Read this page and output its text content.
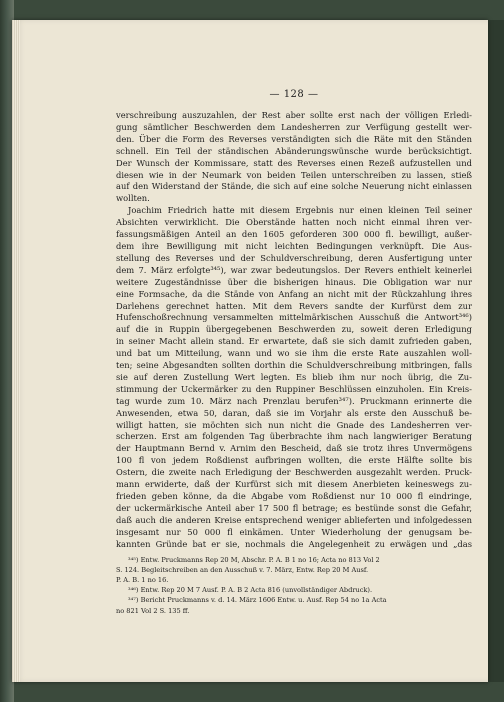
— 128 —
verschreibung auszuzahlen, der Rest aber sollte erst nach der völligen Erledi-
gung sämtlicher Beschwerden dem Landesherren zur Verfügung gestellt wer-
den. Über die Form des Reverses verständigten sich die Räte mit den Ständen
schnell. Ein Teil der ständischen Abänderungswünsche wurde berücksichtigt.
Der Wunsch der Kommissare, statt des Reverses einen Rezeß aufzustellen und
diesen wie in der Neumark von beiden Teilen unterschreiben zu lassen, stieß
auf den Widerstand der Stände, die sich auf eine solche Neuerung nicht einlassen
wollten.
Joachim Friedrich hatte mit diesem Ergebnis nur einen kleinen Teil seiner
Absichten verwirklicht. Die Oberstände hatten noch nicht einmal ihren ver-
fassungsmäßigen Anteil an den 1605 geforderen 300 000 fl. bewilligt, außer-
dem ihre Bewilligung mit nicht leichten Bedingungen verknüpft. Die Aus-
stellung des Reverses und der Schuldverschreibung, deren Ausfertigung unter
dem 7. März erfolgte³⁴⁵), war zwar bedeutungslos. Der Revers enthielt keinerlei
weitere Zugeständnisse über die bisherigen hinaus. Die Obligation war nur
eine Formsache, da die Stände von Anfang an nicht mit der Rückzahlung ihres
Darlehens gerechnet hatten. Mit dem Revers sandte der Kurfürst dem zur
Hufenschoßrechnung versammelten mittelmärkischen Ausschuß die Antwort³⁴⁶)
auf die in Ruppin übergegebenen Beschwerden zu, soweit deren Erledigung
in seiner Macht allein stand. Er erwartete, daß sie sich damit zufrieden gaben,
und bat um Mitteilung, wann und wo sie ihm die erste Rate auszahlen woll-
ten; seine Abgesandten sollten dorthin die Schuldverschreibung mitbringen, falls
sie auf deren Zustellung Wert legten. Es blieb ihm nur noch übrig, die Zu-
stimmung der Uckermärker zu den Ruppiner Beschlüssen einzuholen. Ein Kreis-
tag wurde zum 10. März nach Prenzlau berufen³⁴⁷). Pruckmann erinnerte die
Anwesenden, etwa 50, daran, daß sie im Vorjahr als erste den Ausschuß be-
willigt hatten, sie möchten sich nun nicht die Gnade des Landesherren ver-
scherzen. Erst am folgenden Tag überbrachte ihm nach langwieriger Beratung
der Hauptmann Bernd v. Arnim den Bescheid, daß sie trotz ihres Unvermögens
100 fl von jedem Roßdienst aufbringen wollten, die erste Hälfte sollte bis
Ostern, die zweite nach Erledigung der Beschwerden ausgezahlt werden. Pruck-
mann erwiderte, daß der Kurfürst sich mit diesem Anerbieten keineswegs zu-
frieden geben könne, da die Abgabe vom Roßdienst nur 10 000 fl eindringe,
der uckermärkische Anteil aber 17 500 fl betrage; es bestünde sonst die Gefahr,
daß auch die anderen Kreise entsprechend weniger ablieferten und infolgedessen
insgesamt nur 50 000 fl einkämen. Unter Wiederholung der genugsam be-
kannten Gründe bat er sie, nochmals die Angelegenheit zu erwägen und „das
³⁴⁵) Entw. Pruckmanns Rep 20 M, Abschr. P. A. B 1 no 16; Acta no 813 Vol 2
S. 124. Begleitschreiben an den Ausschuß v. 7. März, Entw. Rep 20 M Ausf.
P. A. B. 1 no 16.
³⁴⁶) Entw. Rep 20 M 7 Ausf. P. A. B 2 Acta 816 (unvollständiger Abdruck).
³⁴⁷) Bericht Pruckmanns v. d. 14. März 1606 Entw. u. Ausf. Rep 54 no 1a Acta
no 821 Vol 2 S. 135 ff.
